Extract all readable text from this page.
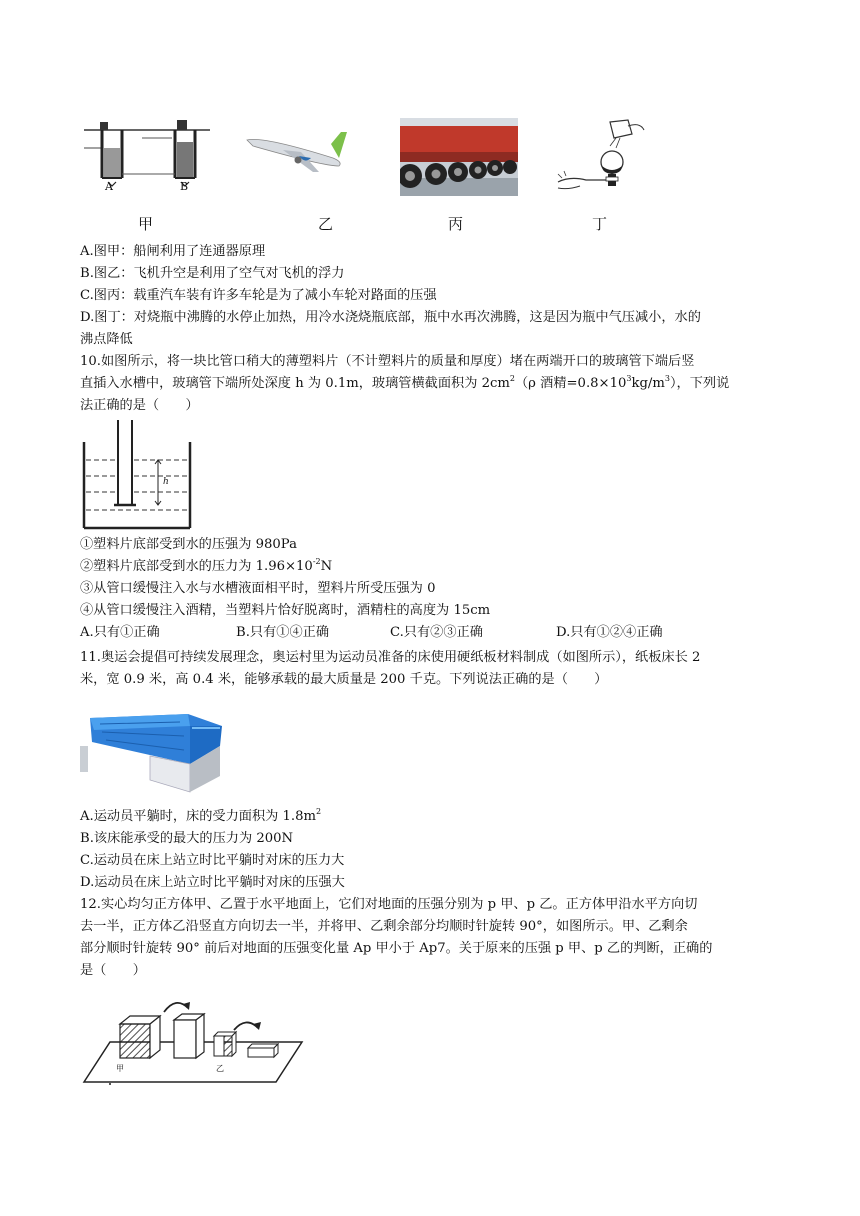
A	B
甲	乙	丙	丁
A.图甲：船闸利用了连通器原理
B.图乙：飞机升空是利用了空气对飞机的浮力
C.图丙：载重汽车装有许多车轮是为了减小车轮对路面的压强
D.图丁：对烧瓶中沸腾的水停止加热，用冷水浇烧瓶底部，瓶中水再次沸腾，这是因为瓶中气压减小，水的
沸点降低
10.如图所示，将一块比管口稍大的薄塑料片（不计塑料片的质量和厚度）堵在两端开口的玻璃管下端后竖
直插入水槽中，玻璃管下端所处深度 h 为 0.1m，玻璃管横截面积为 $2cm^2(\rho$ 酒精$=0.8\times 10^3kg/m^3$），下列说
法正确的是（　　）
h
①塑料片底部受到水的压强为 980Pa
②塑料片底部受到水的压力为 $1.96\times 10^{-2}N$
③从管口缓慢注入水与水槽液面相平时，塑料片所受压强为 0
④从管口缓慢注入酒精，当塑料片恰好脱离时，酒精柱的高度为 15cm
A.只有①正确	B.只有①④正确	C.只有②③正确	D.只有①②④正确
11.奥运会提倡可持续发展理念，奥运村里为运动员准备的床使用硬纸板材料制成（如图所示），纸板床长 2
米，宽 0.9 米，高 0.4 米，能够承载的最大质量是 200 千克。下列说法正确的是（　　）
A.运动员平躺时，床的受力面积为 $1.8m^2$
B.该床能承受的最大的压力为 200N
C.运动员在床上站立时比平躺时对床的压力大
D.运动员在床上站立时比平躺时对床的压强大
12.实心均匀正方体甲、乙置于水平地面上，它们对地面的压强分别为 p 甲、p 乙。正方体甲沿水平方向切
去一半，正方体乙沿竖直方向切去一半，并将甲、乙剩余部分均顺时针旋转 90°，如图所示。甲、乙剩余
部分顺时针旋转 90° 前后对地面的压强变化量 Ap 甲小于 Ap7。关于原来的压强 p 甲、p 乙的判断，正确的
是（　　）
甲	乙
